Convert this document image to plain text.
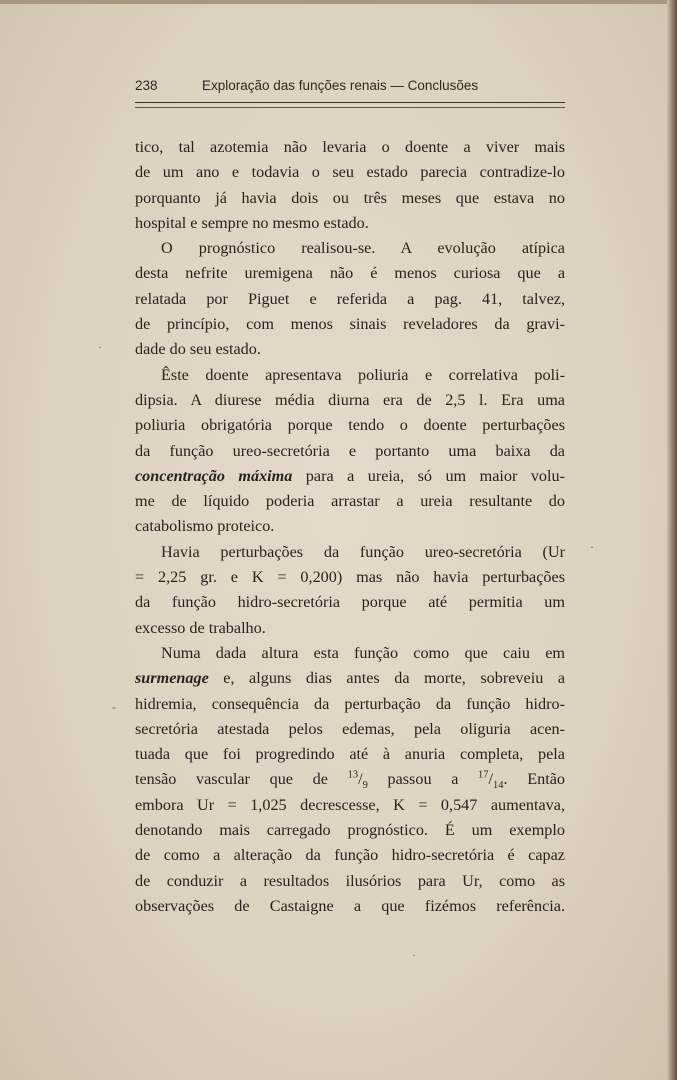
238	Exploração das funções renais — Conclusões

tico, tal azotemia não levaria o doente a viver mais

de um ano e todavia o seu estado parecia contradize-lo

porquanto já havia dois ou três meses que estava no

hospital e sempre no mesmo estado.

O prognóstico realisou-se. A evolução atípica

desta nefrite uremigena não é menos curiosa que a

relatada por Piguet e referida a pag. 41, talvez,

de princípio, com menos sinais reveladores da gravi-

dade do seu estado.

Êste doente apresentava poliuria e correlativa poli-

dipsia. A diurese média diurna era de 2,5 l. Era uma

poliuria obrigatória porque tendo o doente perturbações

da função ureo-secretória e portanto uma baixa da

concentração máxima para a ureia, só um maior volu-

me de líquido poderia arrastar a ureia resultante do

catabolismo proteico.

Havia perturbações da função ureo-secretória (Ur

= 2,25 gr. e K = 0,200) mas não havia perturbações

da função hidro-secretória porque até permitia um

excesso de trabalho.

Numa dada altura esta função como que caiu em

surmenage e, alguns dias antes da morte, sobreveiu a

hidremia, consequência da perturbação da função hidro-

secretória atestada pelos edemas, pela oliguria acen-

tuada que foi progredindo até à anuria completa, pela

tensão vascular que de $^{13}/_9$ passou a $^{17}/_{14}$. Então

embora Ur = 1,025 decrescesse, K = 0,547 aumentava,

denotando mais carregado prognóstico. É um exemplo

de como a alteração da função hidro-secretória é capaz

de conduzir a resultados ilusórios para Ur, como as

observações de Castaigne a que fizémos referência.

·
-
·
·
